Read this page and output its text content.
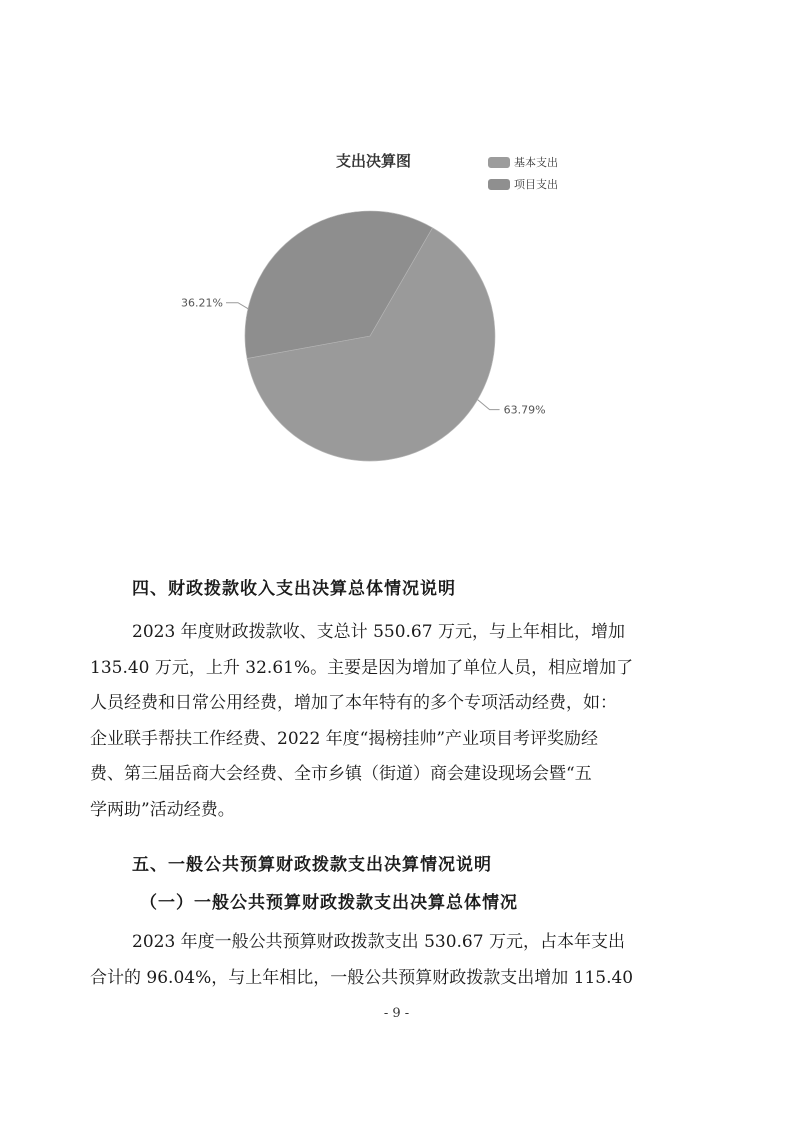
支出决算图	基本支出
项目支出
63.79%
36.21%
四、财政拨款收入支出决算总体情况说明
2023 年度财政拨款收、支总计 550.67 万元，与上年相比，增加
135.40 万元，上升 32.61%。主要是因为增加了单位人员，相应增加了
人员经费和日常公用经费，增加了本年特有的多个专项活动经费，如：
企业联手帮扶工作经费、2022 年度“揭榜挂帅”产业项目考评奖励经
费、第三届岳商大会经费、全市乡镇（街道）商会建设现场会暨“五
学两助”活动经费。
五、一般公共预算财政拨款支出决算情况说明
（一）一般公共预算财政拨款支出决算总体情况
2023 年度一般公共预算财政拨款支出 530.67 万元，占本年支出
合计的 96.04%，与上年相比，一般公共预算财政拨款支出增加 115.40
- 9 -
